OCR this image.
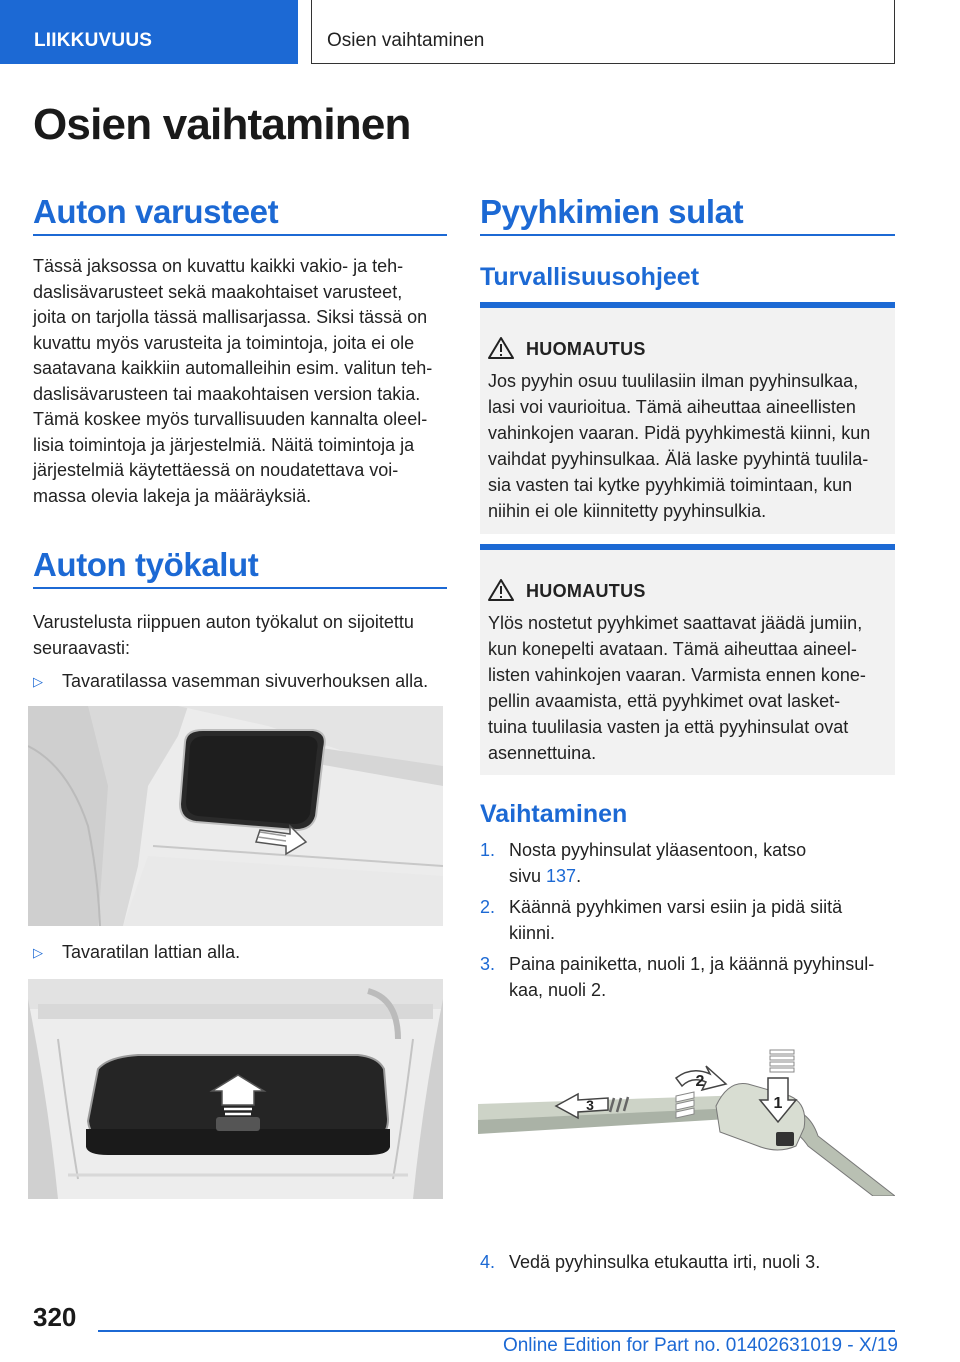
LIIKKUVUUS	Osien vaihtaminen
Osien vaihtaminen
Auton varusteet
Tässä jaksossa on kuvattu kaikki vakio- ja teh-
daslisävarusteet sekä maakohtaiset varusteet,
joita on tarjolla tässä mallisarjassa. Siksi tässä on
kuvattu myös varusteita ja toimintoja, joita ei ole
saatavana kaikkiin automalleihin esim. valitun teh-
daslisävarusteen tai maakohtaisen version takia.
Tämä koskee myös turvallisuuden kannalta oleel-
lisia toimintoja ja järjestelmiä. Näitä toimintoja ja
järjestelmiä käytettäessä on noudatettava voi-
massa olevia lakeja ja määräyksiä.
Auton työkalut
Varustelusta riippuen auton työkalut on sijoitettu
seuraavasti:
▷ Tavaratilassa vasemman sivuverhouksen alla.
▷ Tavaratilan lattian alla.
Pyyhkimien sulat
Turvallisuusohjeet
HUOMAUTUS
Jos pyyhin osuu tuulilasiin ilman pyyhinsulkaa,
lasi voi vaurioitua. Tämä aiheuttaa aineellisten
vahinkojen vaaran. Pidä pyyhkimestä kiinni, kun
vaihdat pyyhinsulkaa. Älä laske pyyhintä tuulila-
sia vasten tai kytke pyyhkimiä toimintaan, kun
niihin ei ole kiinnitetty pyyhinsulkia.
HUOMAUTUS
Ylös nostetut pyyhkimet saattavat jäädä jumiin,
kun konepelti avataan. Tämä aiheuttaa aineel-
listen vahinkojen vaaran. Varmista ennen kone-
pellin avaamista, että pyyhkimet ovat lasket-
tuina tuulilasia vasten ja että pyyhinsulat ovat
asennettuina.
Vaihtaminen
1. Nosta pyyhinsulat yläasentoon, katso
sivu 137.
2. Käännä pyyhkimen varsi esiin ja pidä siitä
kiinni.
3. Paina painiketta, nuoli 1, ja käännä pyyhinsul-
kaa, nuoli 2.
1
2
3
4. Vedä pyyhinsulka etukautta irti, nuoli 3.
320
Online Edition for Part no. 01402631019 - X/19
